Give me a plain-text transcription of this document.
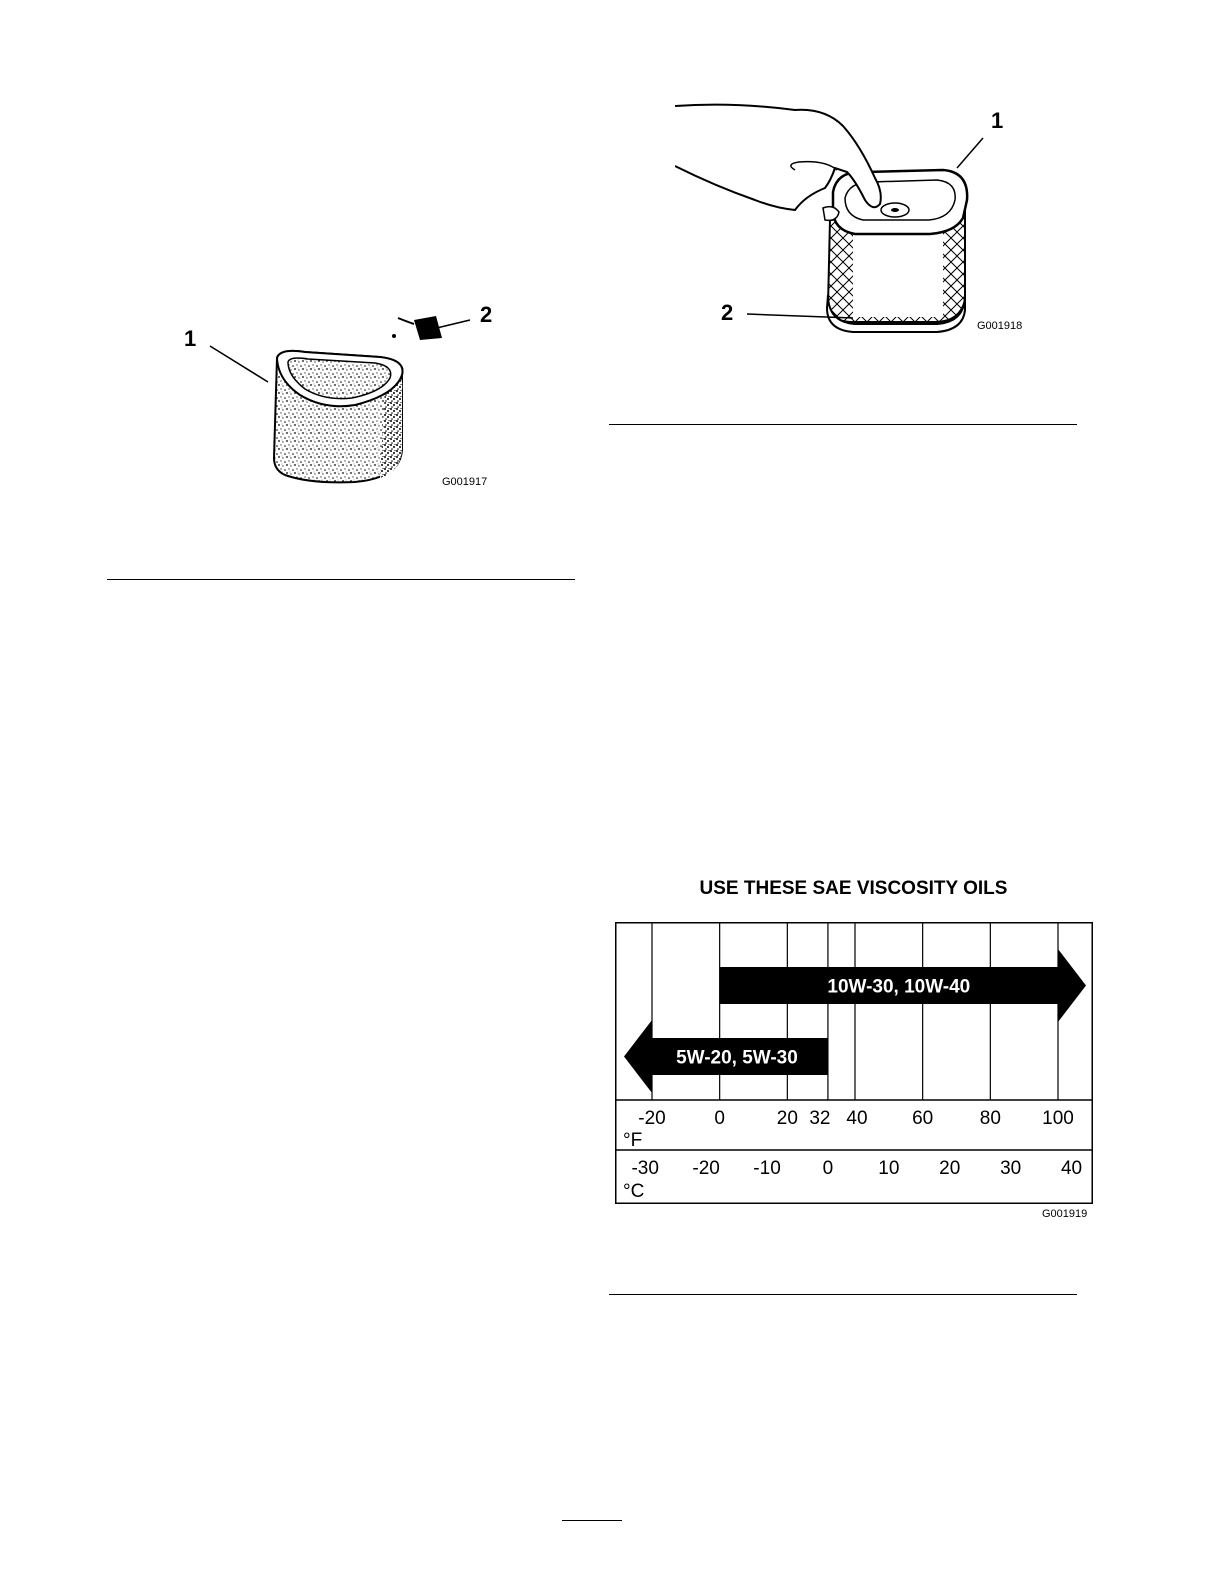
1
2
G001917
1
2
G001918
USE THESE SAE VISCOSITY OILS
10W-30, 10W-40
5W-20, 5W-30
-20	0	20 32 40 60 80 100
°F
-30 -20 -10 0 10 20 30 40
°C
G001919
